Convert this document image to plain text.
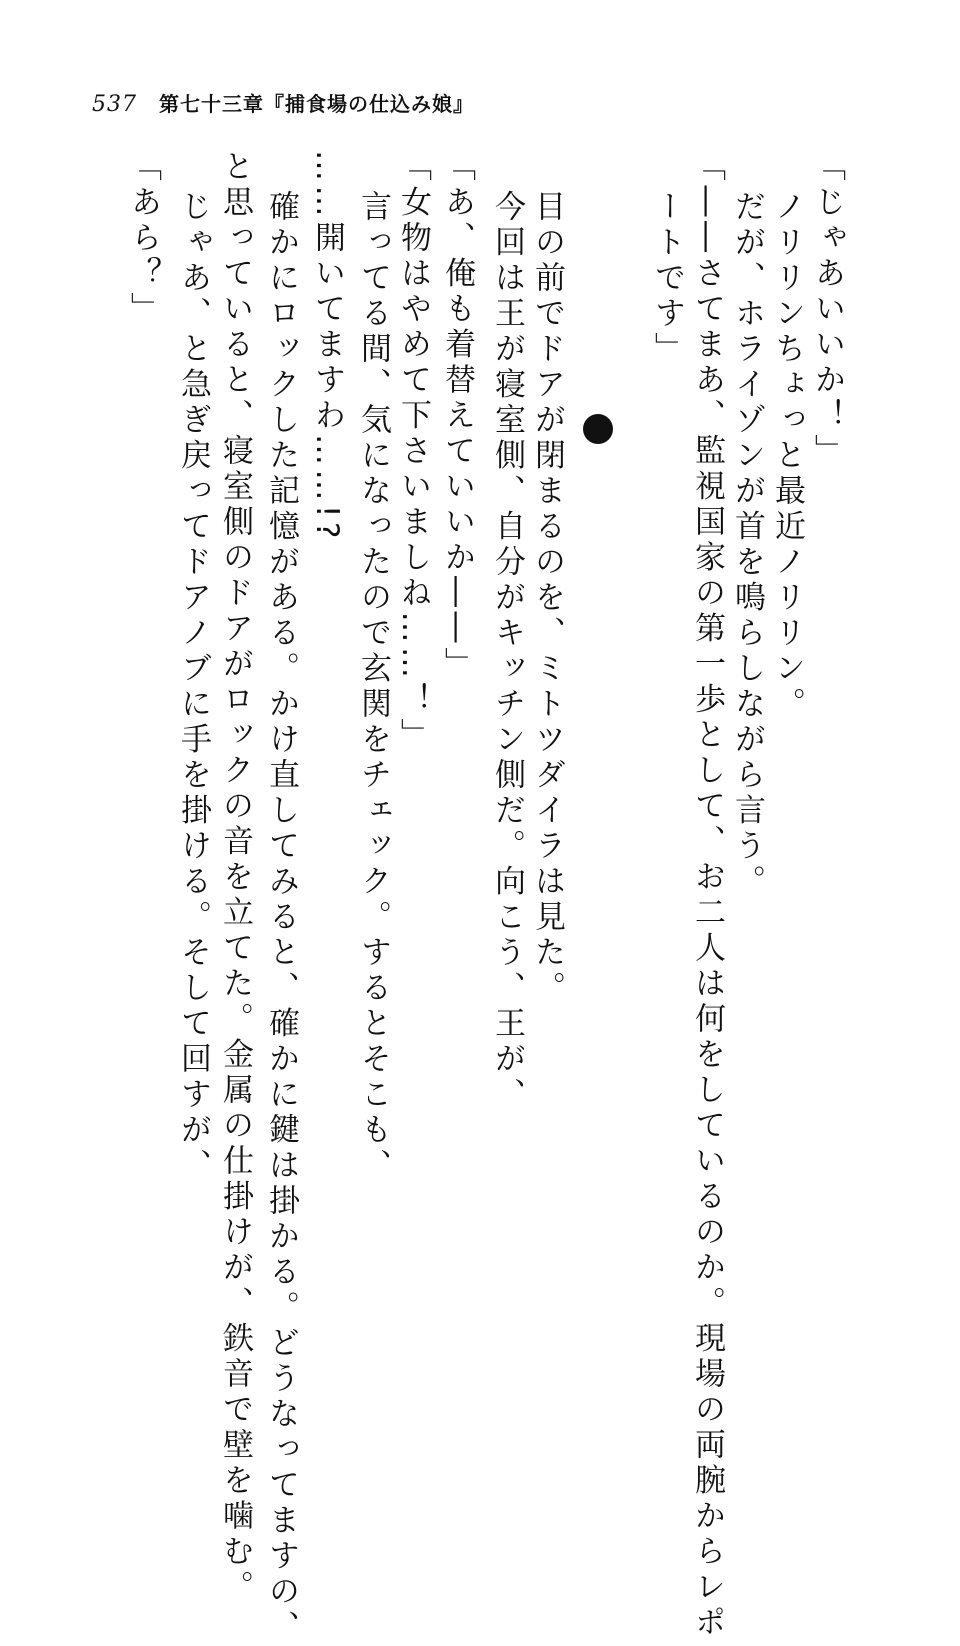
537 第七十三章『捕食場の仕込み娘』
「じゃあいいか！」
ノリリンちょっと最近ノリリン。
だが、ホライゾンが首を鳴らしながら言う。
「――さてまあ、監視国家の第一歩として、お二人は何をしているのか。現場の両腕からレポ
ートです」
目の前でドアが閉まるのを、ミトツダイラは見た。
今回は王が寝室側、自分がキッチン側だ。向こう、王が、
「あ、俺も着替えていいか――」
「女物はやめて下さいましね……！」
言ってる間、気になったので玄関をチェック。するとそこも、
……開いてますわ……!?
確かにロックした記憶がある。かけ直してみると、確かに鍵は掛かる。どうなってますの、
と思っていると、寝室側のドアがロックの音を立てた。金属の仕掛けが、鉄音で壁を噛む。
じゃあ、と急ぎ戻ってドアノブに手を掛ける。そして回すが、
「あら？」
